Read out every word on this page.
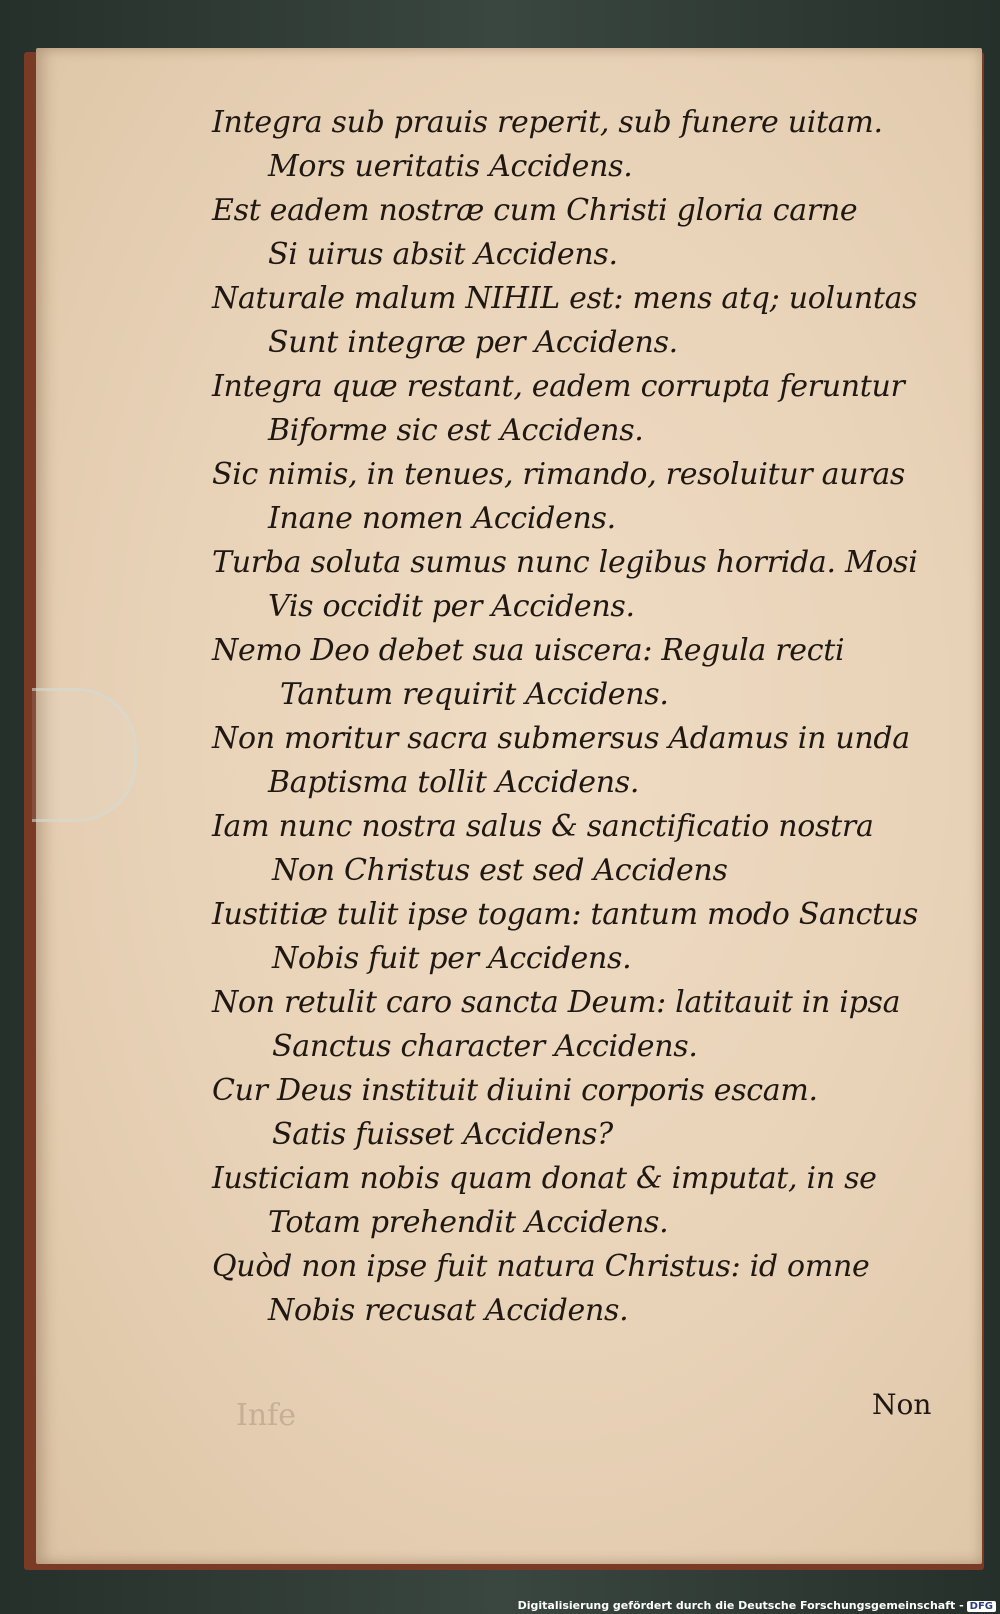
Integra sub prauis reperit, sub funere uitam.
Mors ueritatis Accidens.
Est eadem nostræ cum Christi gloria carne
Si uirus absit Accidens.
Naturale malum NIHIL est: mens atq; uoluntas
Sunt integræ per Accidens.
Integra quæ restant, eadem corrupta feruntur
Biforme sic est Accidens.
Sic nimis, in tenues, rimando, resoluitur auras
Inane nomen Accidens.
Turba soluta sumus nunc legibus horrida. Mosi
Vis occidit per Accidens.
Nemo Deo debet sua uiscera: Regula recti
Tantum requirit Accidens.
Non moritur sacra submersus Adamus in unda
Baptisma tollit Accidens.
Iam nunc nostra salus & sanctificatio nostra
Non Christus est sed Accidens
Iustitiæ tulit ipse togam: tantum modo Sanctus
Nobis fuit per Accidens.
Non retulit caro sancta Deum: latitauit in ipsa
Sanctus character Accidens.
Cur Deus instituit diuini corporis escam.
Satis fuisset Accidens?
Iusticiam nobis quam donat & imputat, in se
Totam prehendit Accidens.
Quòd non ipse fuit natura Christus: id omne
Nobis recusat Accidens.
Non
Infe
Digitalisierung gefördert durch die Deutsche Forschungsgemeinschaft - DFG
